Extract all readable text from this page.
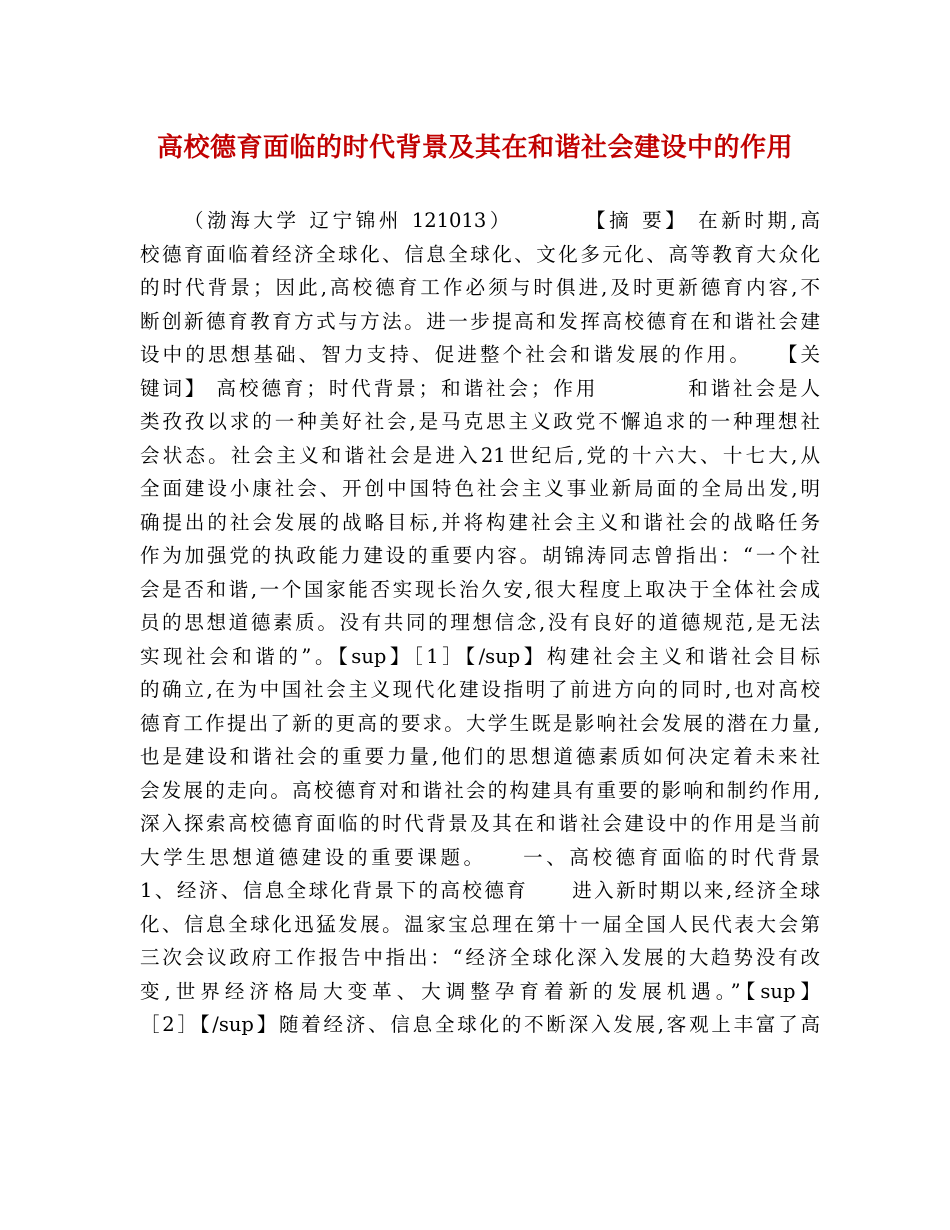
高校德育面临的时代背景及其在和谐社会建设中的作用
（渤海大学 辽宁锦州 121013）　　　　【摘 要】 在新时期,高
校德育面临着经济全球化、信息全球化、文化多元化、高等教育大众化
的时代背景；因此,高校德育工作必须与时俱进,及时更新德育内容,不
断创新德育教育方式与方法。进一步提高和发挥高校德育在和谐社会建
设中的思想基础、智力支持、促进整个社会和谐发展的作用。　　【关
键词】 高校德育；时代背景；和谐社会；作用　　　　和谐社会是人
类孜孜以求的一种美好社会,是马克思主义政党不懈追求的一种理想社
会状态。社会主义和谐社会是进入21世纪后,党的十六大、十七大,从
全面建设小康社会、开创中国特色社会主义事业新局面的全局出发,明
确提出的社会发展的战略目标,并将构建社会主义和谐社会的战略任务
作为加强党的执政能力建设的重要内容。胡锦涛同志曾指出：“一个社
会是否和谐,一个国家能否实现长治久安,很大程度上取决于全体社会成
员的思想道德素质。没有共同的理想信念,没有良好的道德规范,是无法
实现社会和谐的”。【sup】［1］【/sup】构建社会主义和谐社会目标
的确立,在为中国社会主义现代化建设指明了前进方向的同时,也对高校
德育工作提出了新的更高的要求。大学生既是影响社会发展的潜在力量,
也是建设和谐社会的重要力量,他们的思想道德素质如何决定着未来社
会发展的走向。高校德育对和谐社会的构建具有重要的影响和制约作用,
深入探索高校德育面临的时代背景及其在和谐社会建设中的作用是当前
大学生思想道德建设的重要课题。　　一、高校德育面临的时代背景
1、经济、信息全球化背景下的高校德育　　进入新时期以来,经济全球
化、信息全球化迅猛发展。温家宝总理在第十一届全国人民代表大会第
三次会议政府工作报告中指出：“经济全球化深入发展的大趋势没有改
变,世界经济格局大变革、大调整孕育着新的发展机遇。”【sup】
［2］【/sup】随着经济、信息全球化的不断深入发展,客观上丰富了高
